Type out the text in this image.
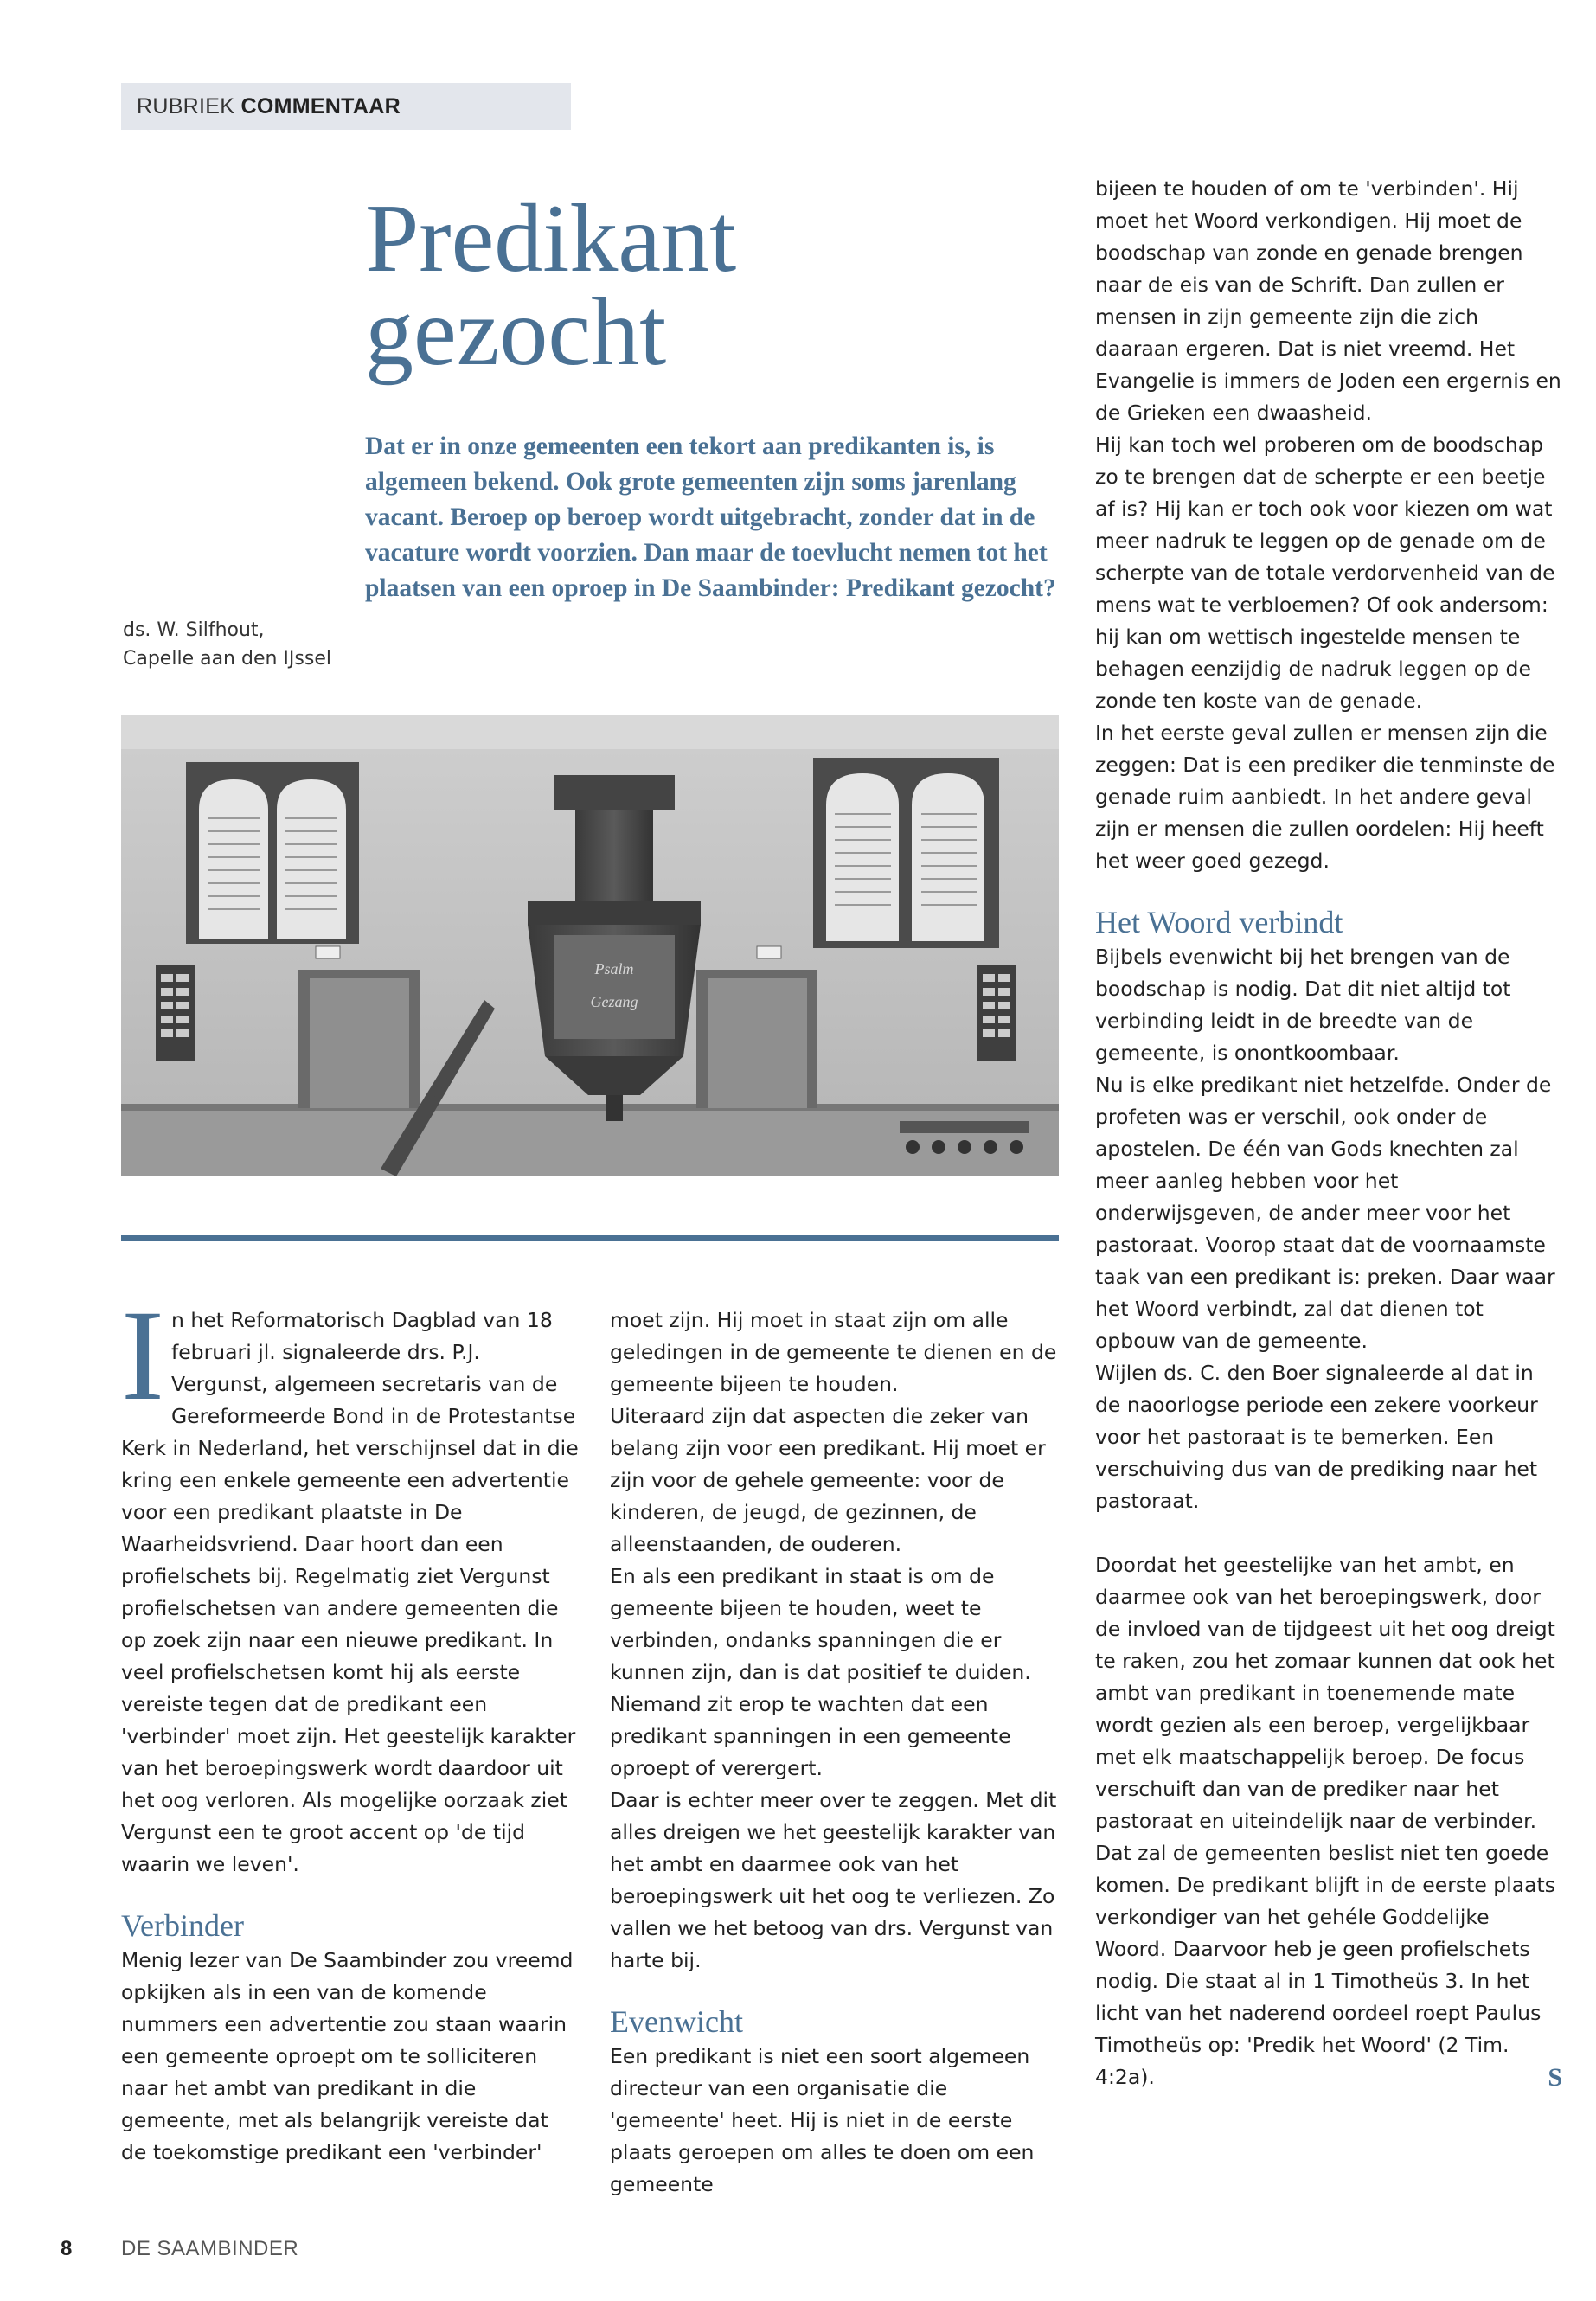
RUBRIEK COMMENTAAR
Predikant
gezocht
Dat er in onze gemeenten een tekort aan predikanten is, is algemeen bekend. Ook grote gemeenten zijn soms jarenlang vacant. Beroep op beroep wordt uitgebracht, zonder dat in de vacature wordt voorzien. Dan maar de toevlucht nemen tot het plaatsen van een oproep in De Saambinder: Predikant gezocht?
ds. W. Silfhout,
Capelle aan den IJssel
Psalm
Gezang

In het Reformatorisch Dagblad van 18 februari jl. signaleerde drs. P.J. Vergunst, algemeen secretaris van de Gereformeerde Bond in de Protestantse Kerk in Nederland, het verschijnsel dat in die kring een enkele gemeente een advertentie voor een predikant plaatste in De Waarheidsvriend. Daar hoort dan een profielschets bij. Regelmatig ziet Vergunst profielschetsen van andere gemeenten die op zoek zijn naar een nieuwe predikant. In veel profielschetsen komt hij als eerste vereiste tegen dat de predikant een 'verbinder' moet zijn. Het geestelijk karakter van het beroepingswerk wordt daardoor uit het oog verloren. Als mogelijke oorzaak ziet Vergunst een te groot accent op 'de tijd waarin we leven'.

Verbinder

Menig lezer van De Saambinder zou vreemd opkijken als in een van de komende nummers een advertentie zou staan waarin een gemeente oproept om te solliciteren naar het ambt van predikant in die gemeente, met als belangrijk vereiste dat de toekomstige predikant een 'verbinder'

moet zijn. Hij moet in staat zijn om alle geledingen in de gemeente te dienen en de gemeente bijeen te houden.

Uiteraard zijn dat aspecten die zeker van belang zijn voor een predikant. Hij moet er zijn voor de gehele gemeente: voor de kinderen, de jeugd, de gezinnen, de alleenstaanden, de ouderen.

En als een predikant in staat is om de gemeente bijeen te houden, weet te verbinden, ondanks spanningen die er kunnen zijn, dan is dat positief te duiden. Niemand zit erop te wachten dat een predikant spanningen in een gemeente oproept of verergert.

Daar is echter meer over te zeggen. Met dit alles dreigen we het geestelijk karakter van het ambt en daarmee ook van het beroepingswerk uit het oog te verliezen. Zo vallen we het betoog van drs. Vergunst van harte bij.

Evenwicht

Een predikant is niet een soort algemeen directeur van een organisatie die 'gemeente' heet. Hij is niet in de eerste plaats geroepen om alles te doen om een gemeente

bijeen te houden of om te 'verbinden'. Hij moet het Woord verkondigen. Hij moet de boodschap van zonde en genade brengen naar de eis van de Schrift. Dan zullen er mensen in zijn gemeente zijn die zich daaraan ergeren. Dat is niet vreemd. Het Evangelie is immers de Joden een ergernis en de Grieken een dwaasheid.

Hij kan toch wel proberen om de boodschap zo te brengen dat de scherpte er een beetje af is? Hij kan er toch ook voor kiezen om wat meer nadruk te leggen op de genade om de scherpte van de totale verdorvenheid van de mens wat te verbloemen? Of ook andersom: hij kan om wettisch ingestelde mensen te behagen eenzijdig de nadruk leggen op de zonde ten koste van de genade.

In het eerste geval zullen er mensen zijn die zeggen: Dat is een prediker die tenminste de genade ruim aanbiedt. In het andere geval zijn er mensen die zullen oordelen: Hij heeft het weer goed gezegd.

Het Woord verbindt

Bijbels evenwicht bij het brengen van de boodschap is nodig. Dat dit niet altijd tot verbinding leidt in de breedte van de gemeente, is onontkoombaar.

Nu is elke predikant niet hetzelfde. Onder de profeten was er verschil, ook onder de apostelen. De één van Gods knechten zal meer aanleg hebben voor het onderwijsgeven, de ander meer voor het pastoraat. Voorop staat dat de voornaamste taak van een predikant is: preken. Daar waar het Woord verbindt, zal dat dienen tot opbouw van de gemeente.

Wijlen ds. C. den Boer signaleerde al dat in de naoorlogse periode een zekere voorkeur voor het pastoraat is te bemerken. Een verschuiving dus van de prediking naar het pastoraat.

Doordat het geestelijke van het ambt, en daarmee ook van het beroepingswerk, door de invloed van de tijdgeest uit het oog dreigt te raken, zou het zomaar kunnen dat ook het ambt van predikant in toenemende mate wordt gezien als een beroep, vergelijkbaar met elk maatschappelijk beroep. De focus verschuift dan van de prediker naar het pastoraat en uiteindelijk naar de verbinder.

Dat zal de gemeenten beslist niet ten goede komen. De predikant blijft in de eerste plaats verkondiger van het gehéle Goddelijke Woord. Daarvoor heb je geen profielschets nodig. Die staat al in 1 Timotheüs 3. In het licht van het naderend oordeel roept Paulus Timotheüs op: 'Predik het Woord' (2 Tim. 4:2a).	S

8 DE SAAMBINDER
